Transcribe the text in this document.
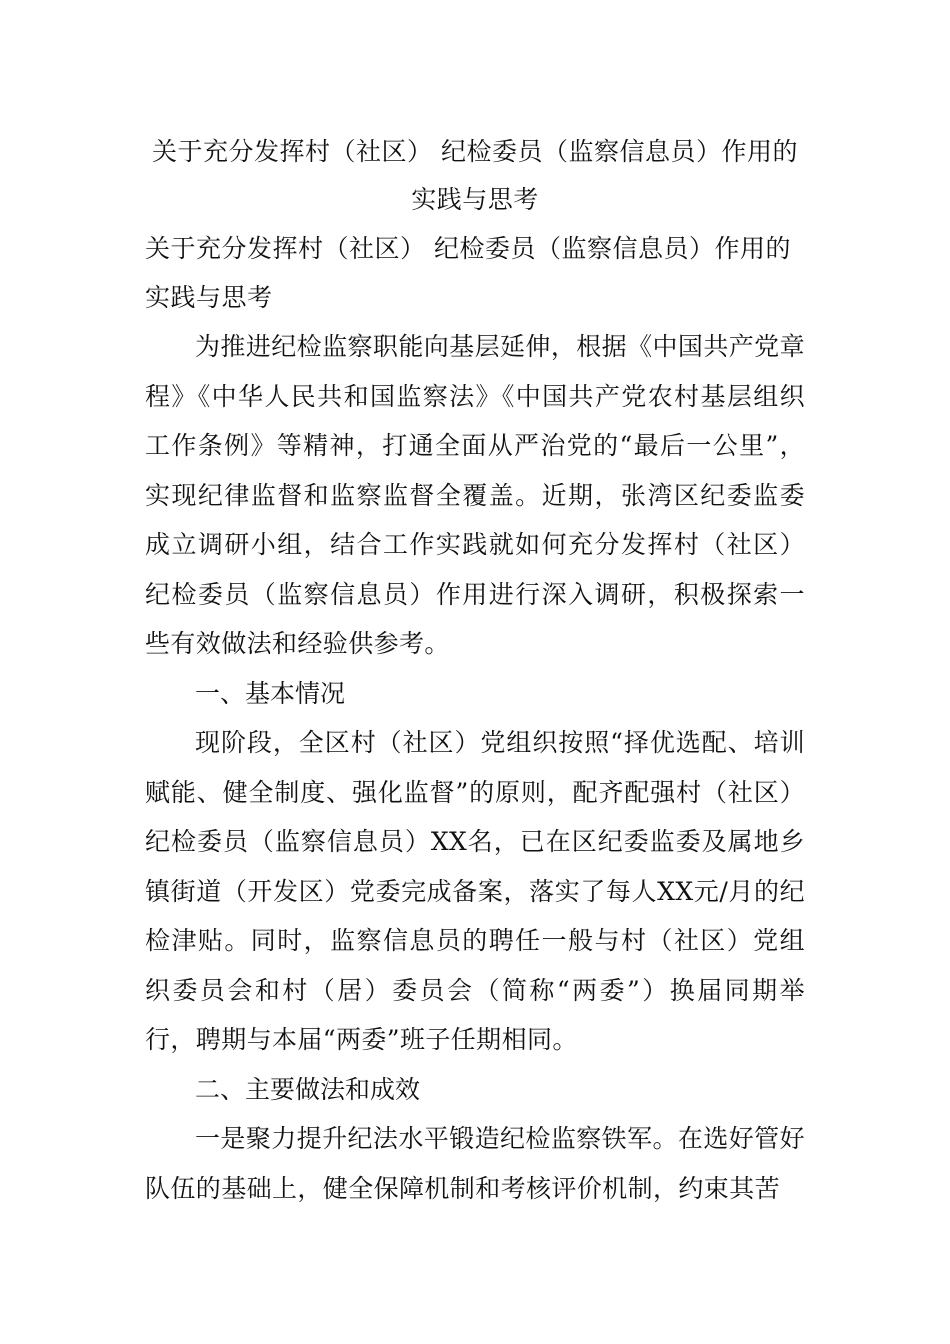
关于充分发挥村（社区） 纪检委员（监察信息员）作用的实践与思考

关于充分发挥村（社区） 纪检委员（监察信息员）作用的实践与思考

为推进纪检监察职能向基层延伸，根据《中国共产党章程》《中华人民共和国监察法》《中国共产党农村基层组织工作条例》等精神，打通全面从严治党的“最后一公里”，实现纪律监督和监察监督全覆盖。近期，张湾区纪委监委成立调研小组，结合工作实践就如何充分发挥村（社区）纪检委员（监察信息员）作用进行深入调研，积极探索一些有效做法和经验供参考。

一、基本情况

现阶段，全区村（社区）党组织按照“择优选配、培训赋能、健全制度、强化监督”的原则，配齐配强村（社区）纪检委员（监察信息员）XX名，已在区纪委监委及属地乡镇街道（开发区）党委完成备案，落实了每人XX元/月的纪检津贴。同时，监察信息员的聘任一般与村（社区）党组织委员会和村（居）委员会（简称“两委”）换届同期举行，聘期与本届“两委”班子任期相同。

二、主要做法和成效

一是聚力提升纪法水平锻造纪检监察铁军。在选好管好队伍的基础上，健全保障机制和考核评价机制，约束其苦
